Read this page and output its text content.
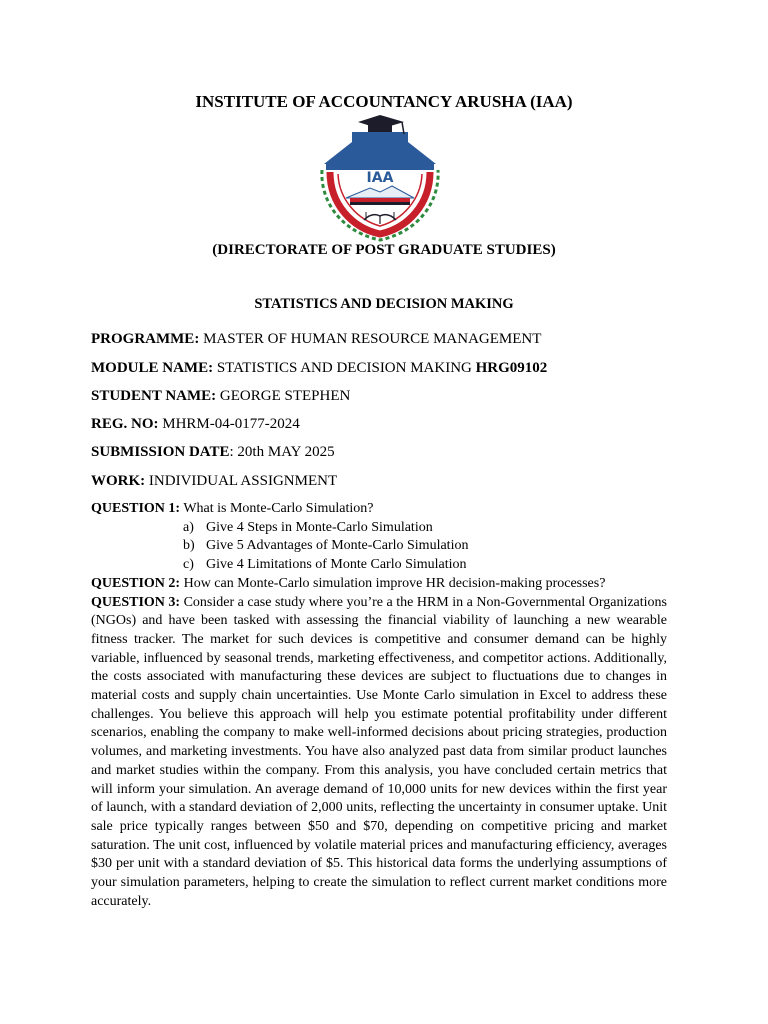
INSTITUTE OF ACCOUNTANCY ARUSHA (IAA)
IAA
(DIRECTORATE OF POST GRADUATE STUDIES)
STATISTICS AND DECISION MAKING
PROGRAMME: MASTER OF HUMAN RESOURCE MANAGEMENT
MODULE NAME: STATISTICS AND DECISION MAKING HRG09102
STUDENT NAME: GEORGE STEPHEN
REG. NO: MHRM-04-0177-2024
SUBMISSION DATE: 20th MAY 2025
WORK: INDIVIDUAL ASSIGNMENT
QUESTION 1: What is Monte-Carlo Simulation?
a) Give 4 Steps in Monte-Carlo Simulation
b) Give 5 Advantages of Monte-Carlo Simulation
c) Give 4 Limitations of Monte Carlo Simulation
QUESTION 2: How can Monte-Carlo simulation improve HR decision-making processes?
QUESTION 3: Consider a case study where you’re a the HRM in a Non-Governmental Organizations (NGOs) and have been tasked with assessing the financial viability of launching a new wearable fitness tracker. The market for such devices is competitive and consumer demand can be highly variable, influenced by seasonal trends, marketing effectiveness, and competitor actions. Additionally, the costs associated with manufacturing these devices are subject to fluctuations due to changes in material costs and supply chain uncertainties. Use Monte Carlo simulation in Excel to address these challenges. You believe this approach will help you estimate potential profitability under different scenarios, enabling the company to make well-informed decisions about pricing strategies, production volumes, and marketing investments. You have also analyzed past data from similar product launches and market studies within the company. From this analysis, you have concluded certain metrics that will inform your simulation. An average demand of 10,000 units for new devices within the first year of launch, with a standard deviation of 2,000 units, reflecting the uncertainty in consumer uptake. Unit sale price typically ranges between $50 and $70, depending on competitive pricing and market saturation. The unit cost, influenced by volatile material prices and manufacturing efficiency, averages $30 per unit with a standard deviation of $5. This historical data forms the underlying assumptions of your simulation parameters, helping to create the simulation to reflect current market conditions more accurately.
